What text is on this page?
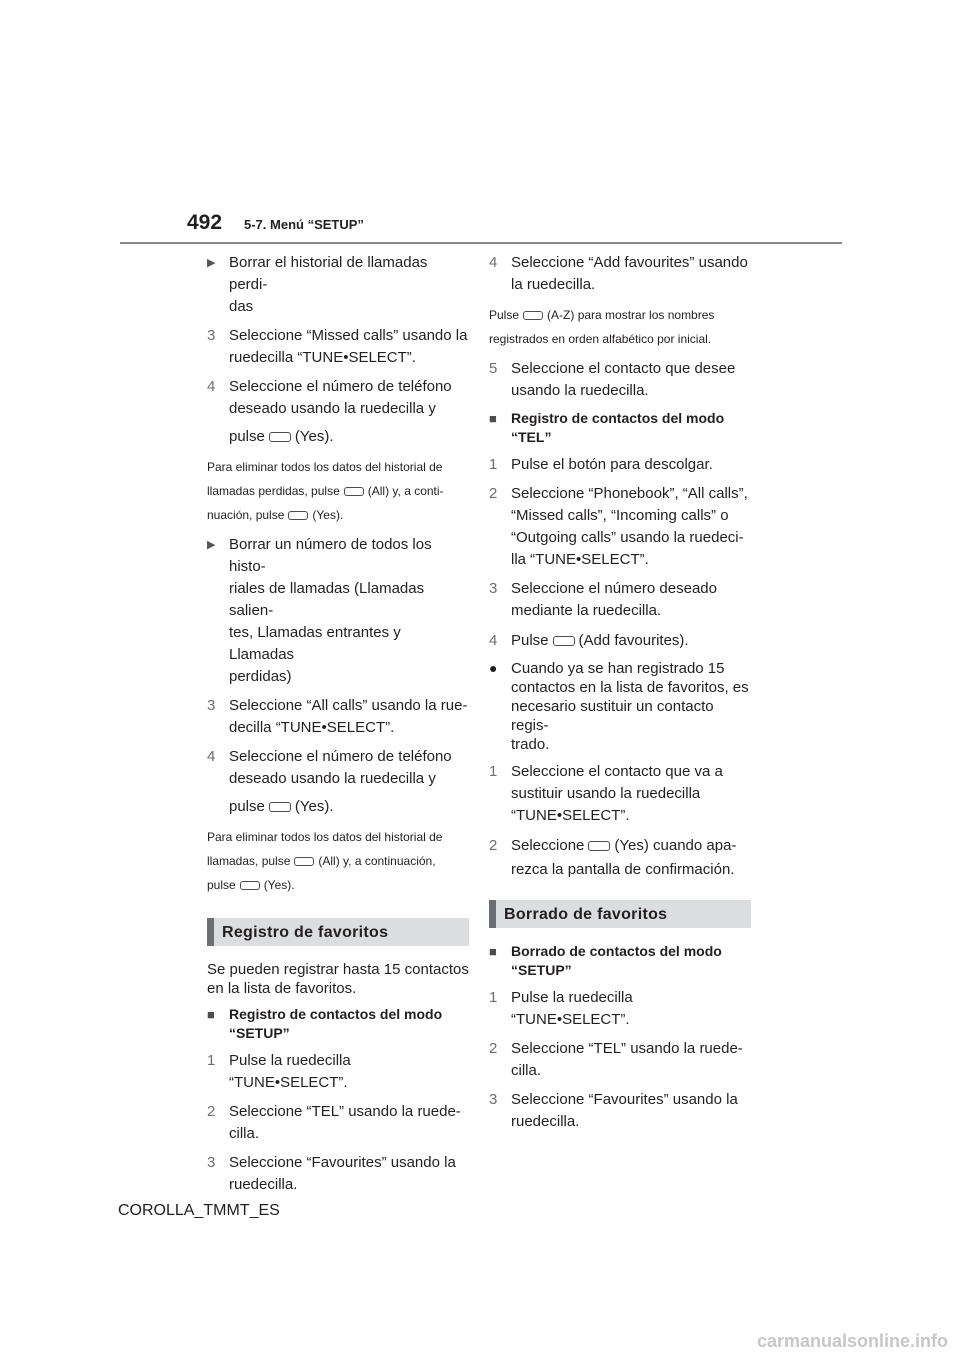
492 5-7. Menú “SETUP”
▶ Borrar el historial de llamadas perdi-
das
3 Seleccione “Missed calls” usando la
ruedecilla “TUNE•SELECT”.
4 Seleccione el número de teléfono
deseado usando la ruedecilla y
pulse (Yes).
Para eliminar todos los datos del historial de
llamadas perdidas, pulse (All) y, a conti-
nuación, pulse (Yes).
▶ Borrar un número de todos los histo-
riales de llamadas (Llamadas salien-
tes, Llamadas entrantes y Llamadas
perdidas)
3 Seleccione “All calls” usando la rue-
decilla “TUNE•SELECT”.
4 Seleccione el número de teléfono
deseado usando la ruedecilla y
pulse (Yes).
Para eliminar todos los datos del historial de
llamadas, pulse (All) y, a continuación,
pulse (Yes).
Registro de favoritos
Se pueden registrar hasta 15 contactos
en la lista de favoritos.
■ Registro de contactos del modo
“SETUP”
1 Pulse la ruedecilla
“TUNE•SELECT”.
2 Seleccione “TEL” usando la ruede-
cilla.
3 Seleccione “Favourites” usando la
ruedecilla.
4 Seleccione “Add favourites” usando
la ruedecilla.
Pulse (A-Z) para mostrar los nombres
registrados en orden alfabético por inicial.
5 Seleccione el contacto que desee
usando la ruedecilla.
■ Registro de contactos del modo
“TEL”
1 Pulse el botón para descolgar.
2 Seleccione “Phonebook”, “All calls”,
“Missed calls”, “Incoming calls” o
“Outgoing calls” usando la ruedeci-
lla “TUNE•SELECT”.
3 Seleccione el número deseado
mediante la ruedecilla.
4 Pulse (Add favourites).
● Cuando ya se han registrado 15
contactos en la lista de favoritos, es
necesario sustituir un contacto regis-
trado.
1 Seleccione el contacto que va a
sustituir usando la ruedecilla
“TUNE•SELECT”.
2 Seleccione (Yes) cuando apa-
rezca la pantalla de confirmación.
Borrado de favoritos
■ Borrado de contactos del modo
“SETUP”
1 Pulse la ruedecilla
“TUNE•SELECT”.
2 Seleccione “TEL” usando la ruede-
cilla.
3 Seleccione “Favourites” usando la
ruedecilla.
COROLLA_TMMT_ES
carmanualsonline.info
